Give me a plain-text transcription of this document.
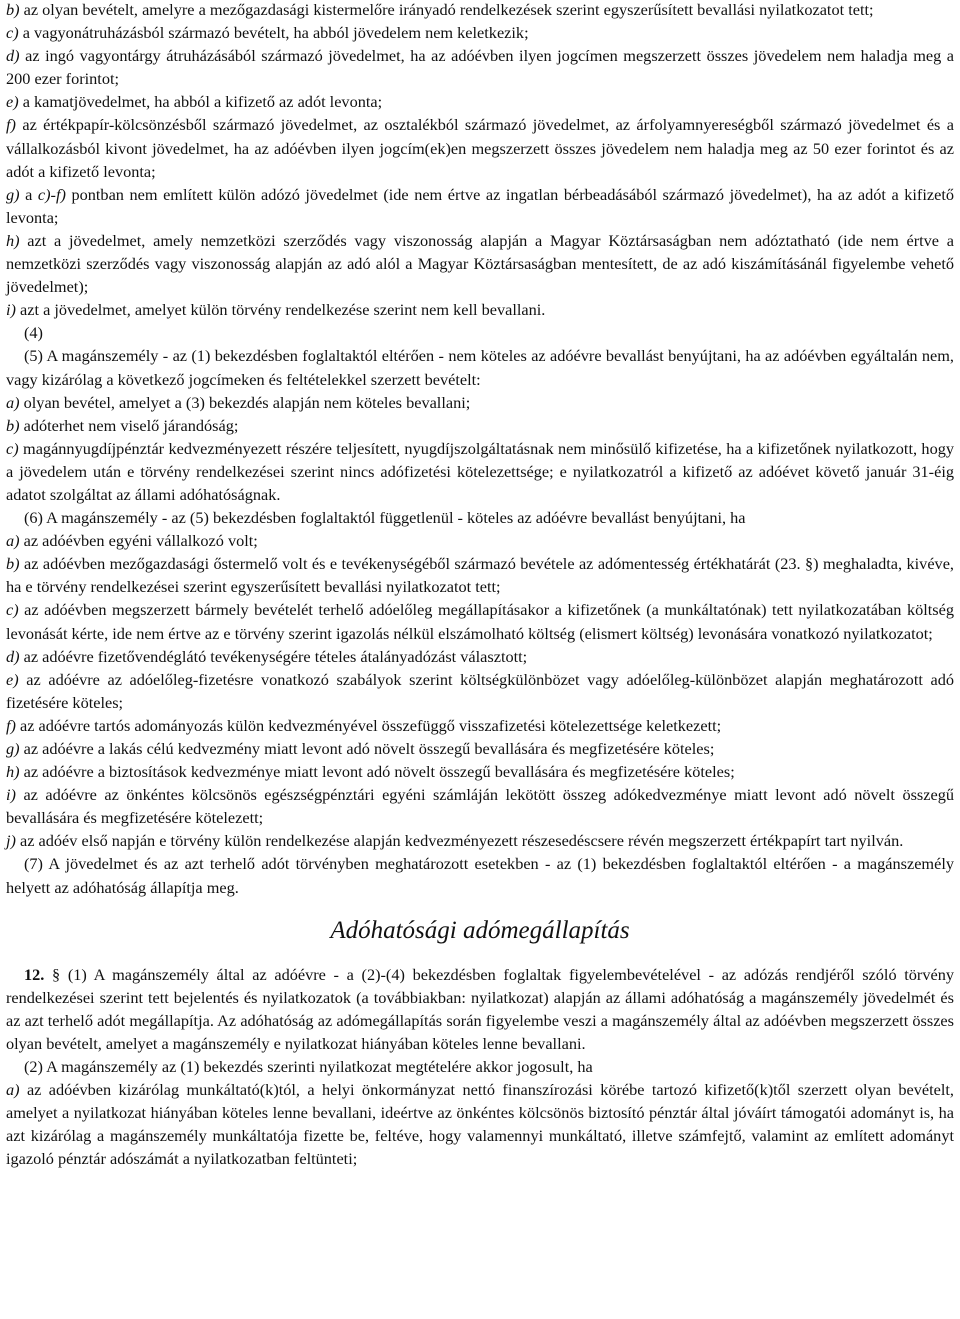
b) az olyan bevételt, amelyre a mezőgazdasági kistermelőre irányadó rendelkezések szerint egyszerűsített bevallási nyilatkozatot tett;

c) a vagyonátruházásból származó bevételt, ha abból jövedelem nem keletkezik;

d) az ingó vagyontárgy átruházásából származó jövedelmet, ha az adóévben ilyen jogcímen megszerzett összes jövedelem nem haladja meg a 200 ezer forintot;

e) a kamatjövedelmet, ha abból a kifizető az adót levonta;

f) az értékpapír-kölcsönzésből származó jövedelmet, az osztalékból származó jövedelmet, az árfolyamnyereségből származó jövedelmet és a vállalkozásból kivont jövedelmet, ha az adóévben ilyen jogcím(ek)en megszerzett összes jövedelem nem haladja meg az 50 ezer forintot és az adót a kifizető levonta;

g) a c)-f) pontban nem említett külön adózó jövedelmet (ide nem értve az ingatlan bérbeadásából származó jövedelmet), ha az adót a kifizető levonta;

h) azt a jövedelmet, amely nemzetközi szerződés vagy viszonosság alapján a Magyar Köztársaságban nem adóztatható (ide nem értve a nemzetközi szerződés vagy viszonosság alapján az adó alól a Magyar Köztársaságban mentesített, de az adó kiszámításánál figyelembe vehető jövedelmet);

i) azt a jövedelmet, amelyet külön törvény rendelkezése szerint nem kell bevallani.

(4)

(5) A magánszemély - az (1) bekezdésben foglaltaktól eltérően - nem köteles az adóévre bevallást benyújtani, ha az adóévben egyáltalán nem, vagy kizárólag a következő jogcímeken és feltételekkel szerzett bevételt:

a) olyan bevétel, amelyet a (3) bekezdés alapján nem köteles bevallani;

b) adóterhet nem viselő járandóság;

c) magánnyugdíjpénztár kedvezményezett részére teljesített, nyugdíjszolgáltatásnak nem minősülő kifizetése, ha a kifizetőnek nyilatkozott, hogy a jövedelem után e törvény rendelkezései szerint nincs adófizetési kötelezettsége; e nyilatkozatról a kifizető az adóévet követő január 31-éig adatot szolgáltat az állami adóhatóságnak.

(6) A magánszemély - az (5) bekezdésben foglaltaktól függetlenül - köteles az adóévre bevallást benyújtani, ha

a) az adóévben egyéni vállalkozó volt;

b) az adóévben mezőgazdasági őstermelő volt és e tevékenységéből származó bevétele az adómentesség értékhatárát (23. §) meghaladta, kivéve, ha e törvény rendelkezései szerint egyszerűsített bevallási nyilatkozatot tett;

c) az adóévben megszerzett bármely bevételét terhelő adóelőleg megállapításakor a kifizetőnek (a munkáltatónak) tett nyilatkozatában költség levonását kérte, ide nem értve az e törvény szerint igazolás nélkül elszámolható költség (elismert költség) levonására vonatkozó nyilatkozatot;

d) az adóévre fizetővendéglátó tevékenységére tételes átalányadózást választott;

e) az adóévre az adóelőleg-fizetésre vonatkozó szabályok szerint költségkülönbözet vagy adóelőleg-különbözet alapján meghatározott adó fizetésére köteles;

f) az adóévre tartós adományozás külön kedvezményével összefüggő visszafizetési kötelezettsége keletkezett;

g) az adóévre a lakás célú kedvezmény miatt levont adó növelt összegű bevallására és megfizetésére köteles;

h) az adóévre a biztosítások kedvezménye miatt levont adó növelt összegű bevallására és megfizetésére köteles;

i) az adóévre az önkéntes kölcsönös egészségpénztári egyéni számláján lekötött összeg adókedvezménye miatt levont adó növelt összegű bevallására és megfizetésére kötelezett;

j) az adóév első napján e törvény külön rendelkezése alapján kedvezményezett részesedéscsere révén megszerzett értékpapírt tart nyilván.

(7) A jövedelmet és az azt terhelő adót törvényben meghatározott esetekben - az (1) bekezdésben foglaltaktól eltérően - a magánszemély helyett az adóhatóság állapítja meg.

Adóhatósági adómegállapítás

12. § (1) A magánszemély által az adóévre - a (2)-(4) bekezdésben foglaltak figyelembevételével - az adózás rendjéről szóló törvény rendelkezései szerint tett bejelentés és nyilatkozatok (a továbbiakban: nyilatkozat) alapján az állami adóhatóság a magánszemély jövedelmét és az azt terhelő adót megállapítja. Az adóhatóság az adómegállapítás során figyelembe veszi a magánszemély által az adóévben megszerzett összes olyan bevételt, amelyet a magánszemély e nyilatkozat hiányában köteles lenne bevallani.

(2) A magánszemély az (1) bekezdés szerinti nyilatkozat megtételére akkor jogosult, ha

a) az adóévben kizárólag munkáltató(k)tól, a helyi önkormányzat nettó finanszírozási körébe tartozó kifizető(k)től szerzett olyan bevételt, amelyet a nyilatkozat hiányában köteles lenne bevallani, ideértve az önkéntes kölcsönös biztosító pénztár által jóváírt támogatói adományt is, ha azt kizárólag a magánszemély munkáltatója fizette be, feltéve, hogy valamennyi munkáltató, illetve számfejtő, valamint az említett adományt igazoló pénztár adószámát a nyilatkozatban feltünteti;
